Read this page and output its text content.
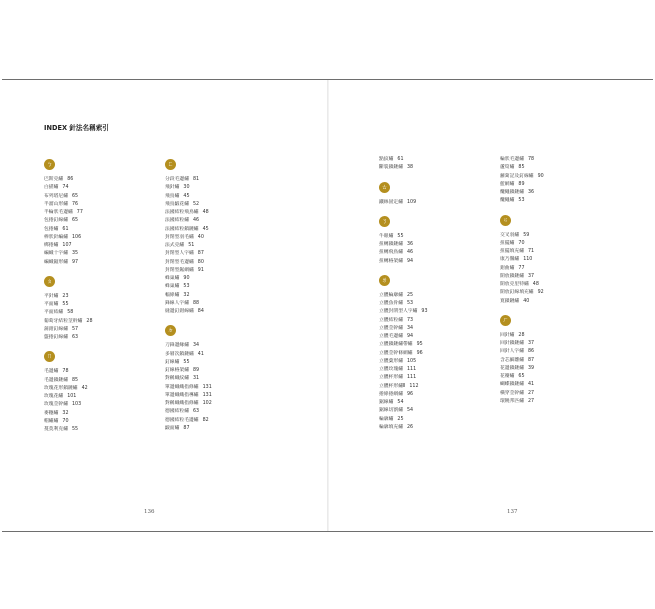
INDEX 針法名稱索引
ㄅ
巴斯克繡 86
白描繡 74
布列塔尼繡 65
半溜山形繡 76
半輪狀毛邊繡 77
包捲釘線繡 65
包捲繡 61
棒狀針編繡 106
綁捲繡 107
編織十字繡 35
編織鋸形繡 97
ㄆ
平針繡 23
平面繡 55
平面結繡 58
葡萄牙結粒莖幹繡 28
蒲鉗釘線繡 57
盤捲釘線繡 63
ㄇ
毛邊繡 78
毛邊鎖鏈繡 85
玫瑰花形鎖鏈繡 42
玫瑰花繡 101
玫瑰莖幹繡 103
麥穗繡 32
帽繡繡 70
蔓莫利克繡 55
ㄈ
分段毛邊繡 81
飛針繡 30
飛鳥繡 45
飛鳥緞花繡 52
法國結粒飛鳥繡 48
法國結粒繡 46
法國結粒鎖鏈繡 45
封閉型羽毛繡 40
法式克繡 51
封閉型人字繡 87
封閉型毛邊繡 80
封閉型鋸網繡 91
蜂巢繡 90
蜂巢繡 53
輻條繡 32
鋒線人字繡 88
縫邊釘鉗線繡 84
ㄉ
刀鋒邊緣繡 34
多層次鎖鏈繡 41
釘線繡 55
釘線格架繡 89
對稱織紋繡 31
單邊織織指條繡 131
單邊織織指導繡 131
對稱織織指條繡 102
德國結粒繡 63
德國結粒毛邊繡 82
緞面繡 87
點紋繡 61
斷裂鎖鏈繡 38
ㄊ
鐵絲固定繡 109
ㄋ
牛眼繡 55
扭轉鎖鏈繡 36
扭轉飛鳥繡 46
扭轉格架繡 94
ㄌ
立體輪廓繡 25
立體魚骨繡 53
立體封閉型人字繡 93
立體結粒繡 73
立體莖幹繡 34
立體毛邊繡 94
立體鎖鏈繡帶繡 95
立體莖幹條網繡 96
立體葉形繡 105
立體玫瑰繡 111
立體杯形繡 111
立體杯形繡Ⅱ 112
捲條捲網繡 96
鋸線繡 54
鋸線切割繡 54
輪廓繡 25
輪廓填充繡 26
輪狀毛邊繡 78
蘆筍繡 85
蘿蔔記及釘線繡 90
藍網繡 89
纜繩鎖鏈繡 36
纜繩繡 53
ㄍ
交叉羽繡 59
扭擺繡 70
扭擺填充繡 71
康乃馨繡 110
鉗曲繡 77
開放鎖鏈繡 37
開放克里特繡 48
開放釘線填充繡 92
寬鎖鏈繡 40
ㄏ
回針繡 28
回針鎖鏈繡 37
回針人字繡 86
含芯細雛繡 87
花邊鎖鏈繡 39
花瓣繡 65
蝴蝶鎖鏈繡 41
橫穿莖幹繡 27
環饒邦匹繡 27
136	137
